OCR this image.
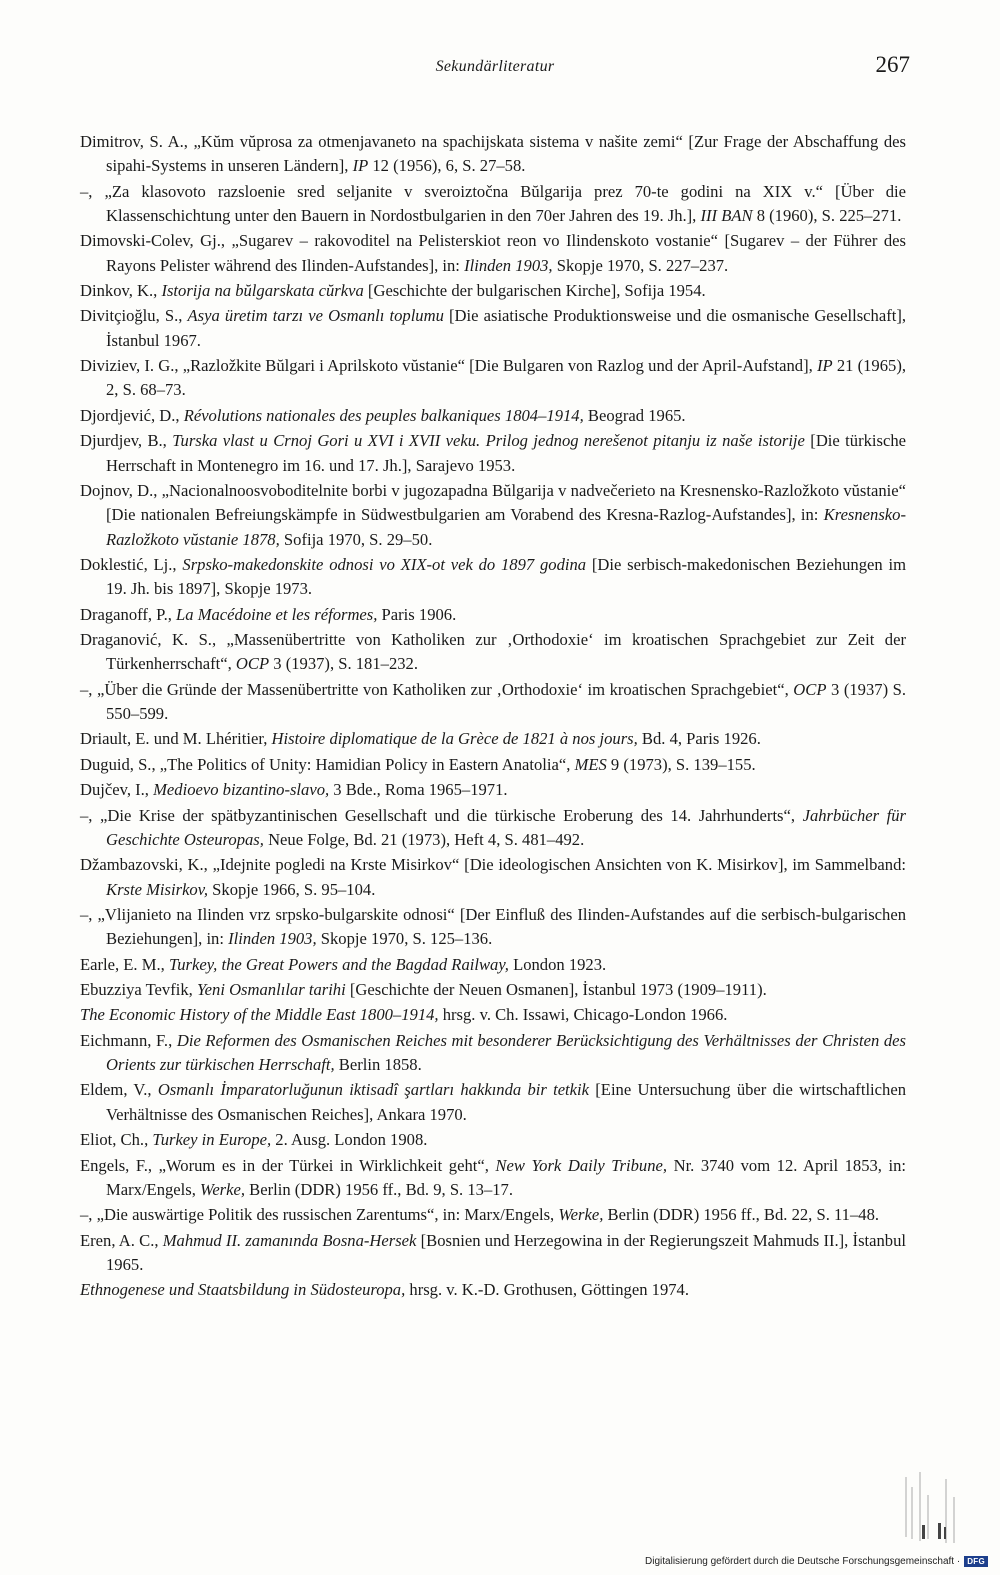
Sekundärliteratur	267

Dimitrov, S. A., „Kŭm vŭprosa za otmenjavaneto na spachijskata sistema v našite zemi“ [Zur Frage der Abschaffung des sipahi-Systems in unseren Ländern], IP 12 (1956), 6, S. 27–58.

–, „Za klasovoto razsloenie sred seljanite v sveroiztočna Bŭlgarija prez 70-te godini na XIX v.“ [Über die Klassenschichtung unter den Bauern in Nordostbulgarien in den 70er Jahren des 19. Jh.], III BAN 8 (1960), S. 225–271.

Dimovski-Colev, Gj., „Sugarev – rakovoditel na Pelisterskiot reon vo Ilindenskoto vostanie“ [Sugarev – der Führer des Rayons Pelister während des Ilinden-Aufstandes], in: Ilinden 1903, Skopje 1970, S. 227–237.

Dinkov, K., Istorija na bŭlgarskata cŭrkva [Geschichte der bulgarischen Kirche], Sofija 1954.

Divitçioğlu, S., Asya üretim tarzı ve Osmanlı toplumu [Die asiatische Produktionsweise und die osmanische Gesellschaft], İstanbul 1967.

Diviziev, I. G., „Razložkite Bŭlgari i Aprilskoto vŭstanie“ [Die Bulgaren von Razlog und der April-Aufstand], IP 21 (1965), 2, S. 68–73.

Djordjević, D., Révolutions nationales des peuples balkaniques 1804–1914, Beograd 1965.

Djurdjev, B., Turska vlast u Crnoj Gori u XVI i XVII veku. Prilog jednog nerešenot pitanju iz naše istorije [Die türkische Herrschaft in Montenegro im 16. und 17. Jh.], Sarajevo 1953.

Dojnov, D., „Nacionalnoosvoboditelnite borbi v jugozapadna Bŭlgarija v nadvečerieto na Kresnensko-Razložkoto vŭstanie“ [Die nationalen Befreiungskämpfe in Südwestbulgarien am Vorabend des Kresna-Razlog-Aufstandes], in: Kresnensko-Razložkoto vŭstanie 1878, Sofija 1970, S. 29–50.

Doklestić, Lj., Srpsko-makedonskite odnosi vo XIX-ot vek do 1897 godina [Die serbisch-makedonischen Beziehungen im 19. Jh. bis 1897], Skopje 1973.

Draganoff, P., La Macédoine et les réformes, Paris 1906.

Draganović, K. S., „Massenübertritte von Katholiken zur ‚Orthodoxie‘ im kroatischen Sprachgebiet zur Zeit der Türkenherrschaft“, OCP 3 (1937), S. 181–232.

–, „Über die Gründe der Massenübertritte von Katholiken zur ‚Orthodoxie‘ im kroatischen Sprachgebiet“, OCP 3 (1937) S. 550–599.

Driault, E. und M. Lhéritier, Histoire diplomatique de la Grèce de 1821 à nos jours, Bd. 4, Paris 1926.

Duguid, S., „The Politics of Unity: Hamidian Policy in Eastern Anatolia“, MES 9 (1973), S. 139–155.

Dujčev, I., Medioevo bizantino-slavo, 3 Bde., Roma 1965–1971.

–, „Die Krise der spätbyzantinischen Gesellschaft und die türkische Eroberung des 14. Jahrhunderts“, Jahrbücher für Geschichte Osteuropas, Neue Folge, Bd. 21 (1973), Heft 4, S. 481–492.

Džambazovski, K., „Idejnite pogledi na Krste Misirkov“ [Die ideologischen Ansichten von K. Misirkov], im Sammelband: Krste Misirkov, Skopje 1966, S. 95–104.

–, „Vlijanieto na Ilinden vrz srpsko-bulgarskite odnosi“ [Der Einfluß des Ilinden-Aufstandes auf die serbisch-bulgarischen Beziehungen], in: Ilinden 1903, Skopje 1970, S. 125–136.

Earle, E. M., Turkey, the Great Powers and the Bagdad Railway, London 1923.

Ebuzziya Tevfik, Yeni Osmanlılar tarihi [Geschichte der Neuen Osmanen], İstanbul 1973 (1909–1911).

The Economic History of the Middle East 1800–1914, hrsg. v. Ch. Issawi, Chicago-London 1966.

Eichmann, F., Die Reformen des Osmanischen Reiches mit besonderer Berücksichtigung des Verhältnisses der Christen des Orients zur türkischen Herrschaft, Berlin 1858.

Eldem, V., Osmanlı İmparatorluğunun iktisadî şartları hakkında bir tetkik [Eine Untersuchung über die wirtschaftlichen Verhältnisse des Osmanischen Reiches], Ankara 1970.

Eliot, Ch., Turkey in Europe, 2. Ausg. London 1908.

Engels, F., „Worum es in der Türkei in Wirklichkeit geht“, New York Daily Tribune, Nr. 3740 vom 12. April 1853, in: Marx/Engels, Werke, Berlin (DDR) 1956 ff., Bd. 9, S. 13–17.

–, „Die auswärtige Politik des russischen Zarentums“, in: Marx/Engels, Werke, Berlin (DDR) 1956 ff., Bd. 22, S. 11–48.

Eren, A. C., Mahmud II. zamanında Bosna-Hersek [Bosnien und Herzegowina in der Regierungszeit Mahmuds II.], İstanbul 1965.

Ethnogenese und Staatsbildung in Südosteuropa, hrsg. v. K.-D. Grothusen, Göttingen 1974.

Digitalisierung gefördert durch die Deutsche Forschungsgemeinschaft · DFG
